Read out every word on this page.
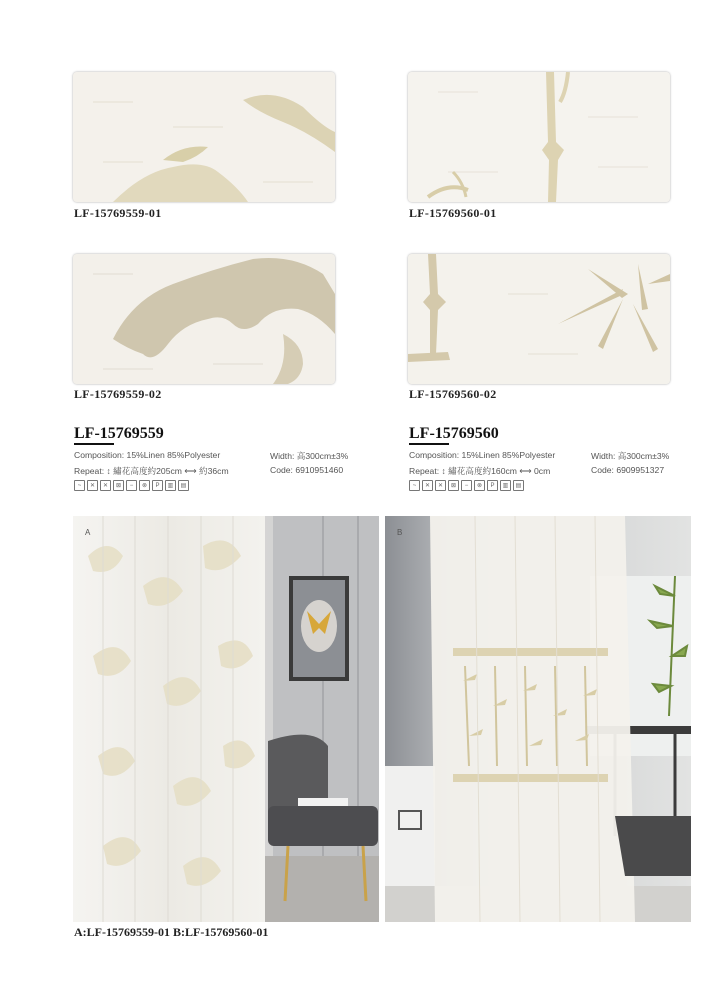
LF-15769559-01	LF-15769560-01
LF-15769559-02	LF-15769560-02
LF-15769559
Composition: 15%Linen 85%Polyester	Width: 高300cm±3%
Repeat: ↕ 繡花高度約205cm ⟷ 約36cm	Code: 6910951460
~	✕	✕	⊠	−	⊗	P	▥	▤
LF-15769560
Composition: 15%Linen 85%Polyester	Width: 高300cm±3%
Repeat: ↕ 繡花高度約160cm ⟷ 0cm	Code: 6909951327
~	✕	✕	⊠	−	⊗	P	▥	▤
A	B
A:LF-15769559-01 B:LF-15769560-01
